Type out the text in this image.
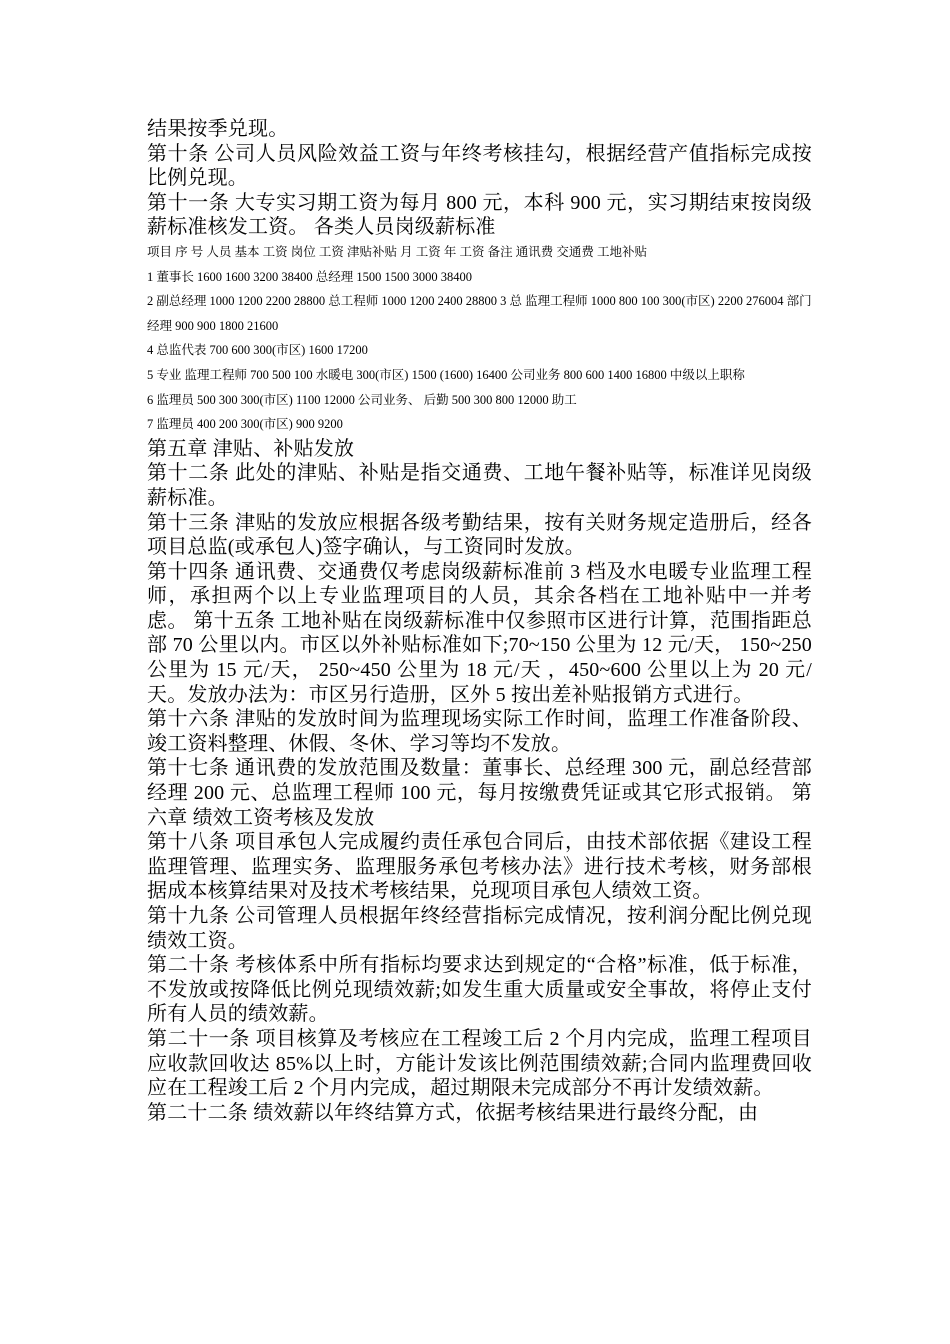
结果按季兑现。

第十条 公司人员风险效益工资与年终考核挂勾，根据经营产值指标完成按比例兑现。

第十一条 大专实习期工资为每月 800 元，本科 900 元，实习期结束按岗级薪标准核发工资。 各类人员岗级薪标准

项目 序 号 人员 基本 工资 岗位 工资 津贴补贴 月 工资 年 工资 备注 通讯费 交通费 工地补贴

1 董事长 1600 1600 3200 38400 总经理 1500 1500 3000 38400

2 副总经理 1000 1200 2200 28800 总工程师 1000 1200 2400 28800 3 总 监理工程师 1000 800 100 300(市区) 2200 276004 部门经理 900 900 1800 21600

4 总监代表 700 600 300(市区) 1600 17200

5 专业 监理工程师 700 500 100 水暖电 300(市区) 1500 (1600) 16400 公司业务 800 600 1400 16800 中级以上职称

6 监理员 500 300 300(市区) 1100 12000 公司业务、 后勤 500 300 800 12000 助工

7 监理员 400 200 300(市区) 900 9200

第五章 津贴、补贴发放

第十二条 此处的津贴、补贴是指交通费、工地午餐补贴等，标准详见岗级薪标准。

第十三条 津贴的发放应根据各级考勤结果，按有关财务规定造册后，经各项目总监(或承包人)签字确认，与工资同时发放。

第十四条 通讯费、交通费仅考虑岗级薪标准前 3 档及水电暖专业监理工程师，承担两个以上专业监理项目的人员，其余各档在工地补贴中一并考虑。 第十五条 工地补贴在岗级薪标准中仅参照市区进行计算，范围指距总部 70 公里以内。市区以外补贴标准如下;70~150 公里为 12 元/天， 150~250 公里为 15 元/天， 250~450 公里为 18 元/天 ，450~600 公里以上为 20 元/天。发放办法为：市区另行造册，区外 5 按出差补贴报销方式进行。

第十六条 津贴的发放时间为监理现场实际工作时间，监理工作准备阶段、竣工资料整理、休假、冬休、学习等均不发放。

第十七条 通讯费的发放范围及数量：董事长、总经理 300 元，副总经营部经理 200 元、总监理工程师 100 元，每月按缴费凭证或其它形式报销。 第六章 绩效工资考核及发放

第十八条 项目承包人完成履约责任承包合同后，由技术部依据《建设工程监理管理、监理实务、监理服务承包考核办法》进行技术考核，财务部根据成本核算结果对及技术考核结果，兑现项目承包人绩效工资。

第十九条 公司管理人员根据年终经营指标完成情况，按利润分配比例兑现绩效工资。

第二十条 考核体系中所有指标均要求达到规定的“合格”标准，低于标准，不发放或按降低比例兑现绩效薪;如发生重大质量或安全事故，将停止支付所有人员的绩效薪。

第二十一条 项目核算及考核应在工程竣工后 2 个月内完成，监理工程项目应收款回收达 85%以上时，方能计发该比例范围绩效薪;合同内监理费回收应在工程竣工后 2 个月内完成，超过期限未完成部分不再计发绩效薪。

第二十二条 绩效薪以年终结算方式，依据考核结果进行最终分配，由
